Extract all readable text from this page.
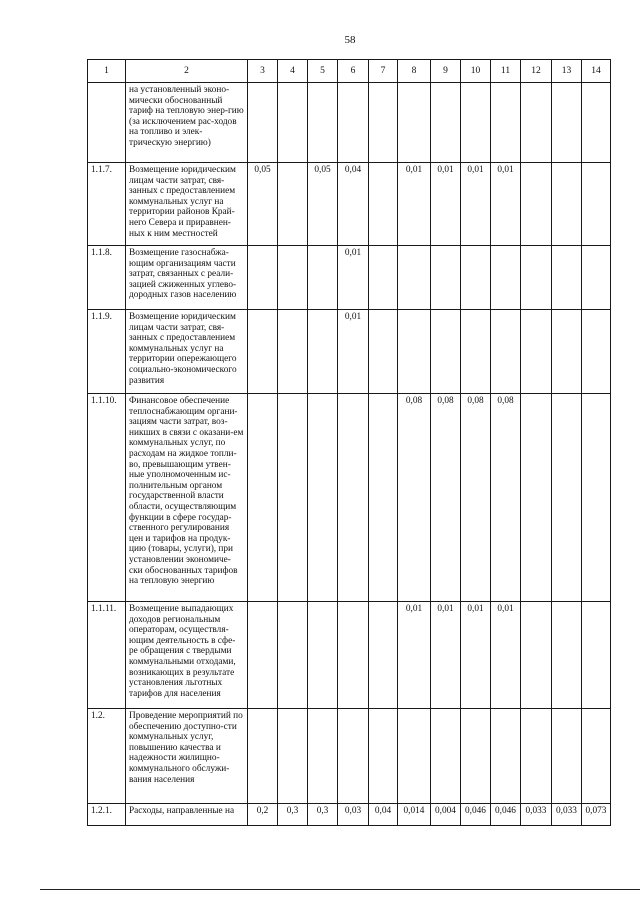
58
1	2	3	4	5	6	7	8	9	10	11	12	13	14
	на установленный эконо-мически обоснованный тариф на тепловую энер-гию (за исключением рас-ходов на топливо и элек-трическую энергию)												
1.1.7.	Возмещение юридическим лицам части затрат, свя-занных с предоставлением коммунальных услуг на территории районов Край-него Севера и приравнен-ных к ним местностей	0,05		0,05	0,04		0,01	0,01	0,01	0,01			
1.1.8.	Возмещение газоснабжа-ющим организациям части затрат, связанных с реали-зацией сжиженных углево-дородных газов населению				0,01								
1.1.9.	Возмещение юридическим лицам части затрат, свя-занных с предоставлением коммунальных услуг на территории опережающего социально-экономического развития				0,01								
1.1.10.	Финансовое обеспечение теплоснабжающим органи-зациям части затрат, воз-никших в связи с оказани-ем коммунальных услуг, по расходам на жидкое топли-во, превышающим утвен-ные уполномоченным ис-полнительным органом государственной власти области, осуществляющим функции в сфере государ-ственного регулирования цен и тарифов на продук-цию (товары, услуги), при установлении экономиче-ски обоснованных тарифов на тепловую энергию						0,08	0,08	0,08	0,08			
1.1.11.	Возмещение выпадающих доходов региональным операторам, осуществля-ющим деятельность в сфе-ре обращения с твердыми коммунальными отходами, возникающих в результате установления льготных тарифов для населения						0,01	0,01	0,01	0,01			
1.2.	Проведение мероприятий по обеспечению доступно-сти коммунальных услуг, повышению качества и надежности жилищно-коммунального обслужи-вания населения												
1.2.1.	Расходы, направленные на	0,2	0,3	0,3	0,03	0,04	0,014	0,004	0,046	0,046	0,033	0,033	0,073
